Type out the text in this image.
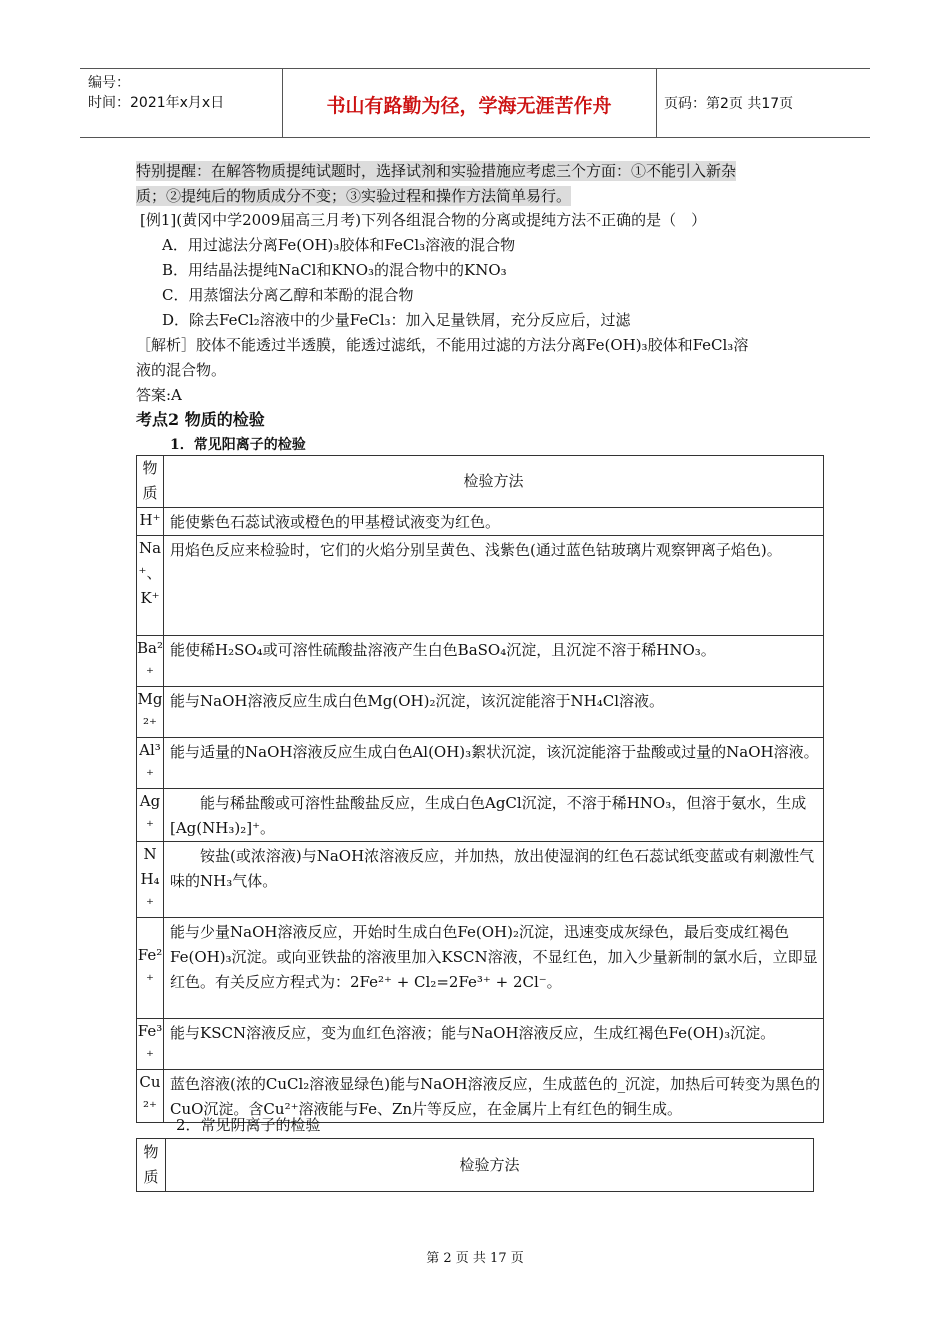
编号：
时间：2021年x月x日	书山有路勤为径，学海无涯苦作舟	页码：第2页 共17页
特别提醒：在解答物质提纯试题时，选择试剂和实验措施应考虑三个方面：①不能引入新杂
质；②提纯后的物质成分不变；③实验过程和操作方法简单易行。
[例1](黄冈中学2009届高三月考)下列各组混合物的分离或提纯方法不正确的是（　）
A．用过滤法分离Fe(OH)₃胶体和FeCl₃溶液的混合物
B．用结晶法提纯NaCl和KNO₃的混合物中的KNO₃
C．用蒸馏法分离乙醇和苯酚的混合物
D．除去FeCl₂溶液中的少量FeCl₃：加入足量铁屑，充分反应后，过滤
［解析］胶体不能透过半透膜，能透过滤纸，不能用过滤的方法分离Fe(OH)₃胶体和FeCl₃溶
液的混合物。
答案:A
考点2 物质的检验
1．常见阳离子的检验
物质	检验方法
H⁺	能使紫色石蕊试液或橙色的甲基橙试液变为红色。
Na⁺、K⁺	用焰色反应来检验时，它们的火焰分别呈黄色、浅紫色(通过蓝色钴玻璃片观察钾离子焰色)。
Ba²⁺	能使稀H₂SO₄或可溶性硫酸盐溶液产生白色BaSO₄沉淀，且沉淀不溶于稀HNO₃。
Mg²⁺	能与NaOH溶液反应生成白色Mg(OH)₂沉淀，该沉淀能溶于NH₄Cl溶液。
Al³⁺	能与适量的NaOH溶液反应生成白色Al(OH)₃絮状沉淀，该沉淀能溶于盐酸或过量的NaOH溶液。
Ag⁺	　　能与稀盐酸或可溶性盐酸盐反应，生成白色AgCl沉淀，不溶于稀HNO₃，但溶于氨水，生成[Ag(NH₃)₂]⁺。
NH₄⁺	　　铵盐(或浓溶液)与NaOH浓溶液反应，并加热，放出使湿润的红色石蕊试纸变蓝或有刺激性气味的NH₃气体。
Fe²⁺	能与少量NaOH溶液反应，开始时生成白色Fe(OH)₂沉淀，迅速变成灰绿色，最后变成红褐色Fe(OH)₃沉淀。或向亚铁盐的溶液里加入KSCN溶液，不显红色，加入少量新制的氯水后，立即显红色。有关反应方程式为：2Fe²⁺ + Cl₂=2Fe³⁺ + 2Cl⁻。
Fe³⁺	能与KSCN溶液反应，变为血红色溶液；能与NaOH溶液反应，生成红褐色Fe(OH)₃沉淀。
Cu²⁺	蓝色溶液(浓的CuCl₂溶液显绿色)能与NaOH溶液反应，生成蓝色的_沉淀，加热后可转变为黑色的CuO沉淀。含Cu²⁺溶液能与Fe、Zn片等反应，在金属片上有红色的铜生成。
2．常见阴离子的检验
物质	检验方法
第 2 页 共 17 页
